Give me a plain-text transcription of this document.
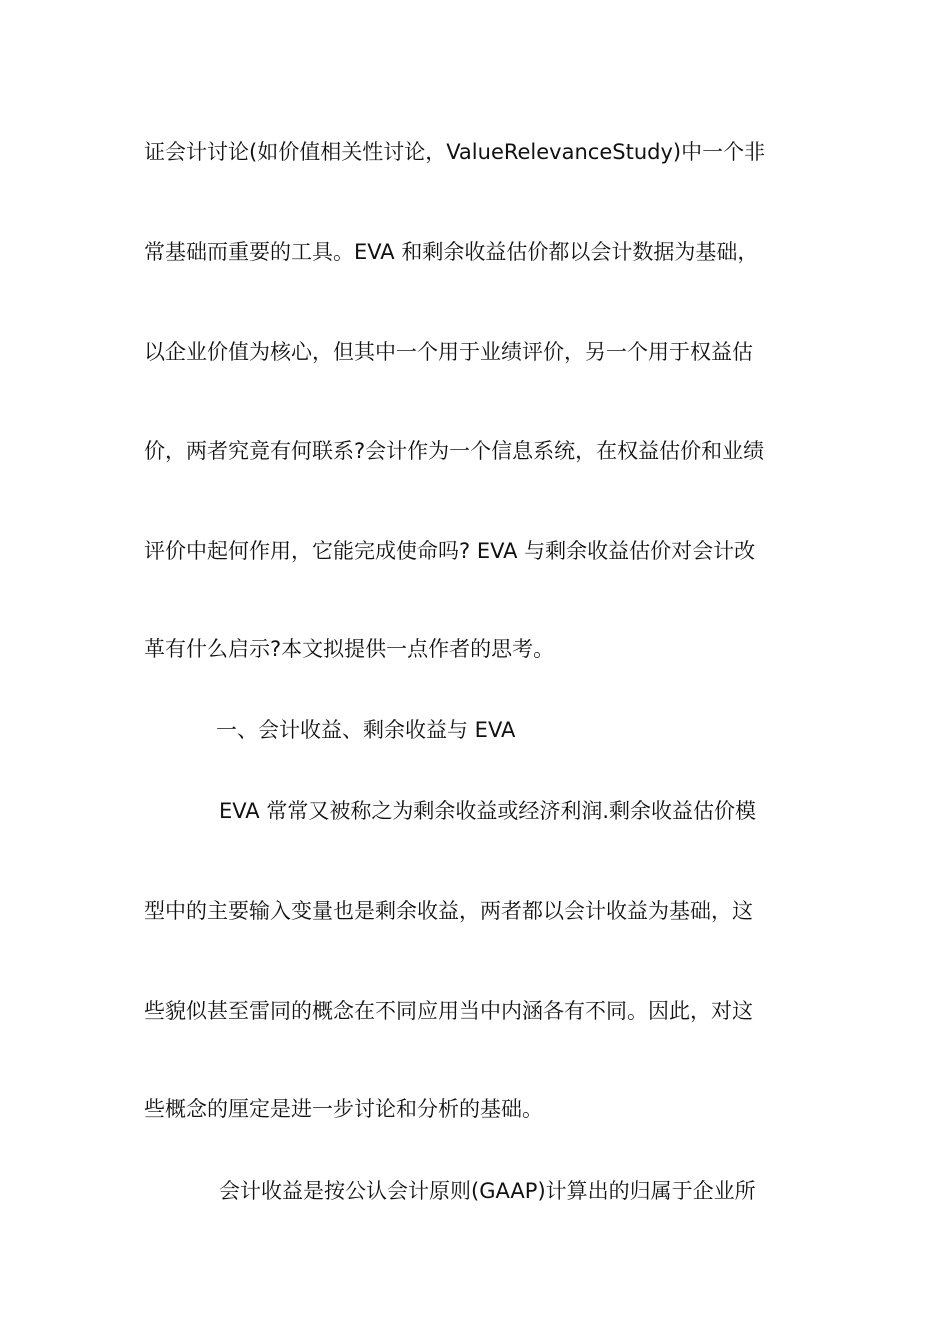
证会计讨论(如价值相关性讨论，ValueRelevanceStudy)中一个非
常基础而重要的工具。EVA 和剩余收益估价都以会计数据为基础，
以企业价值为核心，但其中一个用于业绩评价，另一个用于权益估
价，两者究竟有何联系?会计作为一个信息系统，在权益估价和业绩
评价中起何作用，它能完成使命吗? EVA 与剩余收益估价对会计改
革有什么启示?本文拟提供一点作者的思考。
一、会计收益、剩余收益与 EVA
EVA 常常又被称之为剩余收益或经济利润.剩余收益估价模
型中的主要输入变量也是剩余收益，两者都以会计收益为基础，这
些貌似甚至雷同的概念在不同应用当中内涵各有不同。因此，对这
些概念的厘定是进一步讨论和分析的基础。
会计收益是按公认会计原则(GAAP)计算出的归属于企业所
